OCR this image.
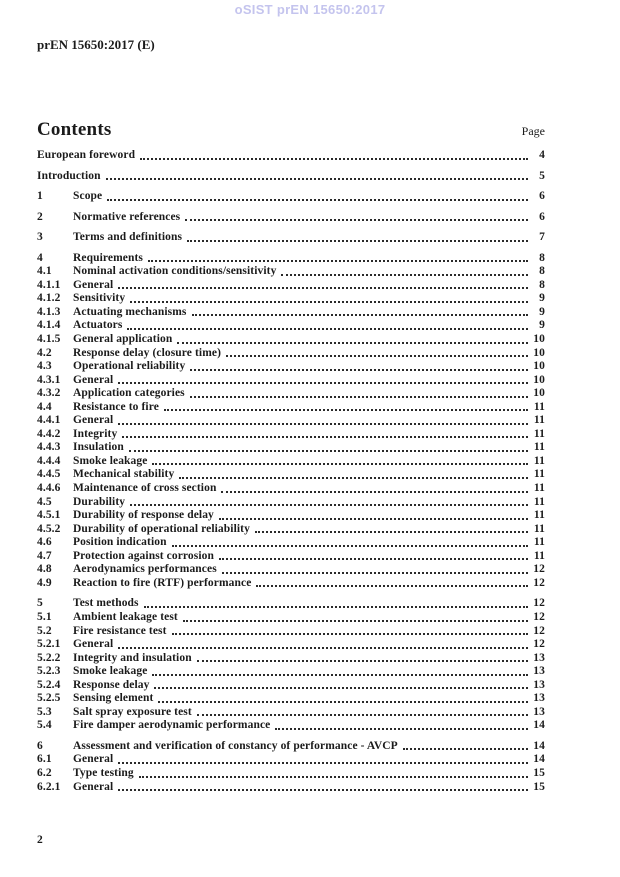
oSIST prEN 15650:2017
prEN 15650:2017 (E)
Contents	Page
European foreword	4
Introduction	5
1	Scope	6
2	Normative references	6
3	Terms and definitions	7
4	Requirements	8
4.1	Nominal activation conditions/sensitivity	8
4.1.1	General	8
4.1.2	Sensitivity	9
4.1.3	Actuating mechanisms	9
4.1.4	Actuators	9
4.1.5	General application	10
4.2	Response delay (closure time)	10
4.3	Operational reliability	10
4.3.1	General	10
4.3.2	Application categories	10
4.4	Resistance to fire	11
4.4.1	General	11
4.4.2	Integrity	11
4.4.3	Insulation	11
4.4.4	Smoke leakage	11
4.4.5	Mechanical stability	11
4.4.6	Maintenance of cross section	11
4.5	Durability	11
4.5.1	Durability of response delay	11
4.5.2	Durability of operational reliability	11
4.6	Position indication	11
4.7	Protection against corrosion	11
4.8	Aerodynamics performances	12
4.9	Reaction to fire (RTF) performance	12
5	Test methods	12
5.1	Ambient leakage test	12
5.2	Fire resistance test	12
5.2.1	General	12
5.2.2	Integrity and insulation	13
5.2.3	Smoke leakage	13
5.2.4	Response delay	13
5.2.5	Sensing element	13
5.3	Salt spray exposure test	13
5.4	Fire damper aerodynamic performance	14
6	Assessment and verification of constancy of performance - AVCP	14
6.1	General	14
6.2	Type testing	15
6.2.1	General	15
2
